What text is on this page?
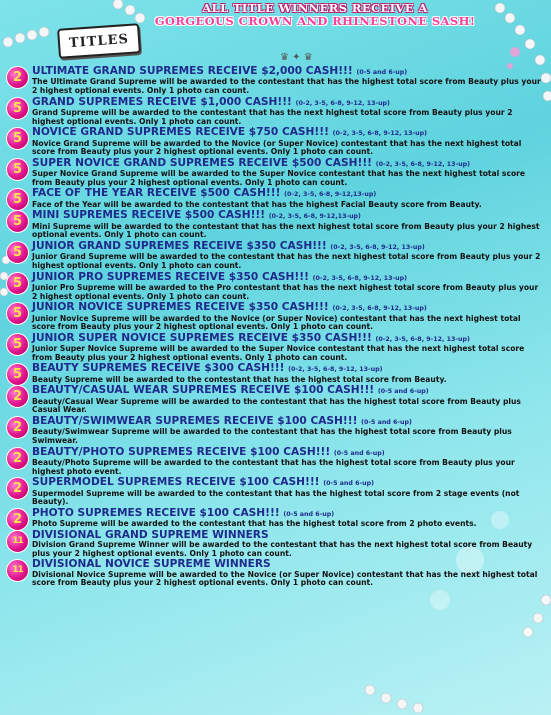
TITLES
ALL TITLE WINNERS RECEIVE A
GORGEOUS CROWN AND RHINESTONE SASH!
♛ ✦ ♛
2 ULTIMATE GRAND SUPREMES RECEIVE $2,000 CASH!!! (0-5 and 6-up)
The Ultimate Grand Supreme will be awarded to the contestant that has the highest total score from Beauty plus your 2 highest optional events. Only 1 photo can count.
5 GRAND SUPREMES RECEIVE $1,000 CASH!!! (0-2, 3-5, 6-8, 9-12, 13-up)
Grand Supreme will be awarded to the contestant that has the next highest total score from Beauty plus your 2 highest optional events. Only 1 photo can count.
5 NOVICE GRAND SUPREMES RECEIVE $750 CASH!!! (0-2, 3-5, 6-8, 9-12, 13-up)
Novice Grand Supreme will be awarded to the Novice (or Super Novice) contestant that has the next highest total score from Beauty plus your 2 highest optional events. Only 1 photo can count.
5 SUPER NOVICE GRAND SUPREMES RECEIVE $500 CASH!!! (0-2, 3-5, 6-8, 9-12, 13-up)
Super Novice Grand Supreme will be awarded to the Super Novice contestant that has the next highest total score from Beauty plus your 2 highest optional events. Only 1 photo can count.
5 FACE OF THE YEAR RECEIVE $500 CASH!!! (0-2, 3-5, 6-8, 9-12,13-up)
Face of the Year will be awarded to the contestant that has the highest Facial Beauty score from Beauty.
5 MINI SUPREMES RECEIVE $500 CASH!!! (0-2, 3-5, 6-8, 9-12,13-up)
Mini Supreme will be awarded to the contestant that has the next highest total score from Beauty plus your 2 highest optional events. Only 1 photo can count.
5 JUNIOR GRAND SUPREMES RECEIVE $350 CASH!!! (0-2, 3-5, 6-8, 9-12, 13-up)
Junior Grand Supreme will be awarded to the contestant that has the next highest total score from Beauty plus your 2 highest optional events. Only 1 photo can count.
5 JUNIOR PRO SUPREMES RECEIVE $350 CASH!!! (0-2, 3-5, 6-8, 9-12, 13-up)
Junior Pro Supreme will be awarded to the Pro contestant that has the next highest total score from Beauty plus your 2 highest optional events. Only 1 photo can count.
5 JUNIOR NOVICE SUPREMES RECEIVE $350 CASH!!! (0-2, 3-5, 6-8, 9-12, 13-up)
Junior Novice Supreme will be awarded to the Novice (or Super Novice) contestant that has the next highest total score from Beauty plus your 2 highest optional events. Only 1 photo can count.
5 JUNIOR SUPER NOVICE SUPREMES RECEIVE $350 CASH!!! (0-2, 3-5, 6-8, 9-12, 13-up)
Junior Super Novice Supreme will be awarded to the Super Novice contestant that has the next highest total score from Beauty plus your 2 highest optional events. Only 1 photo can count.
5 BEAUTY SUPREMES RECEIVE $300 CASH!!! (0-2, 3-5, 6-8, 9-12, 13-up)
Beauty Supreme will be awarded to the contestant that has the highest total score from Beauty.
2 BEAUTY/CASUAL WEAR SUPREMES RECEIVE $100 CASH!!! (0-5 and 6-up)
Beauty/Casual Wear Supreme will be awarded to the contestant that has the highest total score from Beauty plus Casual Wear.
2 BEAUTY/SWIMWEAR SUPREMES RECEIVE $100 CASH!!! (0-5 and 6-up)
Beauty/Swimwear Supreme will be awarded to the contestant that has the highest total score from Beauty plus Swimwear.
2 BEAUTY/PHOTO SUPREMES RECEIVE $100 CASH!!! (0-5 and 6-up)
Beauty/Photo Supreme will be awarded to the contestant that has the highest total score from Beauty plus your highest photo event.
2 SUPERMODEL SUPREMES RECEIVE $100 CASH!!! (0-5 and 6-up)
Supermodel Supreme will be awarded to the contestant that has the highest total score from 2 stage events (not Beauty).
2 PHOTO SUPREMES RECEIVE $100 CASH!!! (0-5 and 6-up)
Photo Supreme will be awarded to the contestant that has the highest total score from 2 photo events.
11 DIVISIONAL GRAND SUPREME WINNERS
Division Grand Supreme Winner will be awarded to the contestant that has the next highest total score from Beauty plus your 2 highest optional events. Only 1 photo can count.
11 DIVISIONAL NOVICE SUPREME WINNERS
Divisional Novice Supreme will be awarded to the Novice (or Super Novice) contestant that has the next highest total score from Beauty plus your 2 highest optional events. Only 1 photo can count.
